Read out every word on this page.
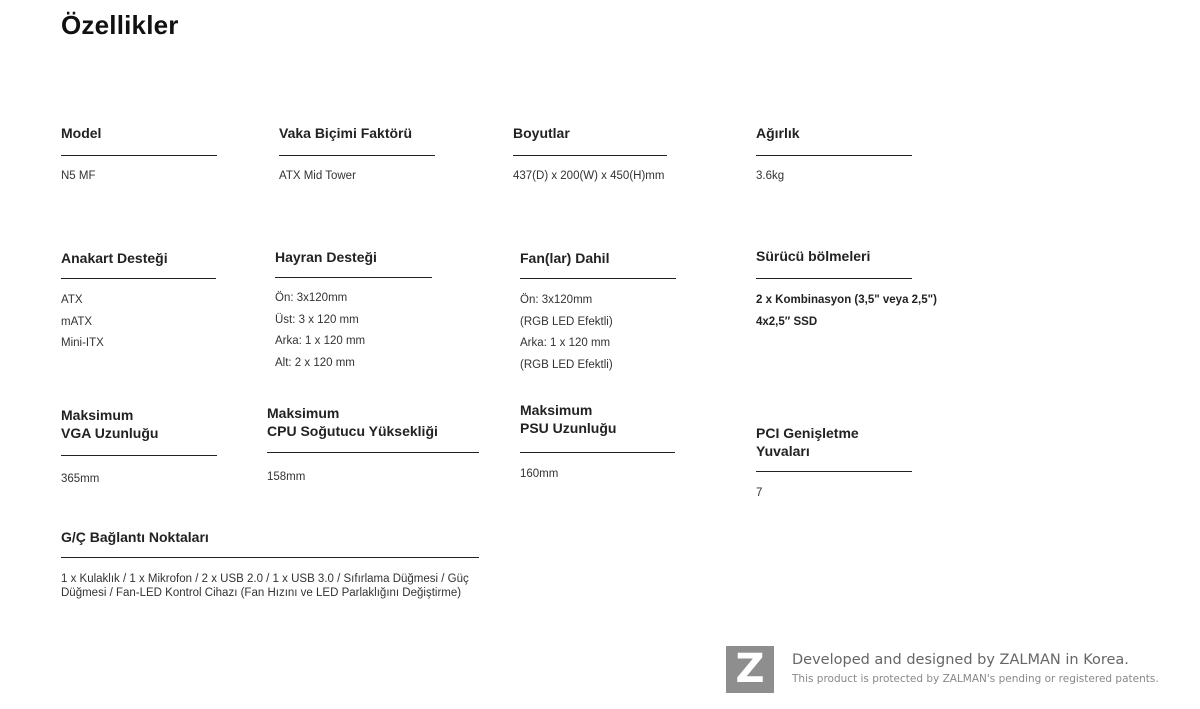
Özellikler
Model
N5 MF
Vaka Biçimi Faktörü
ATX Mid Tower
Boyutlar
437(D) x 200(W) x 450(H)mm
Ağırlık
3.6kg
Anakart Desteği
ATX
mATX
Mini-ITX
Hayran Desteği
Ön: 3x120mm
Üst: 3 x 120 mm
Arka: 1 x 120 mm
Alt: 2 x 120 mm
Fan(lar) Dahil
Ön: 3x120mm
(RGB LED Efektli)
Arka: 1 x 120 mm
(RGB LED Efektli)
Sürücü bölmeleri
2 x Kombinasyon (3,5" veya 2,5")
4x2,5″ SSD
Maksimum
VGA Uzunluğu
365mm
Maksimum
CPU Soğutucu Yüksekliği
158mm
Maksimum
PSU Uzunluğu
160mm
PCI Genişletme Yuvaları
7
G/Ç Bağlantı Noktaları
1 x Kulaklık / 1 x Mikrofon / 2 x USB 2.0 / 1 x USB 3.0 / Sıfırlama Düğmesi / Güç Düğmesi / Fan-LED Kontrol Cihazı (Fan Hızını ve LED Parlaklığını Değiştirme)
Z	Developed and designed by ZALMAN in Korea.
This product is protected by ZALMAN's pending or registered patents.
